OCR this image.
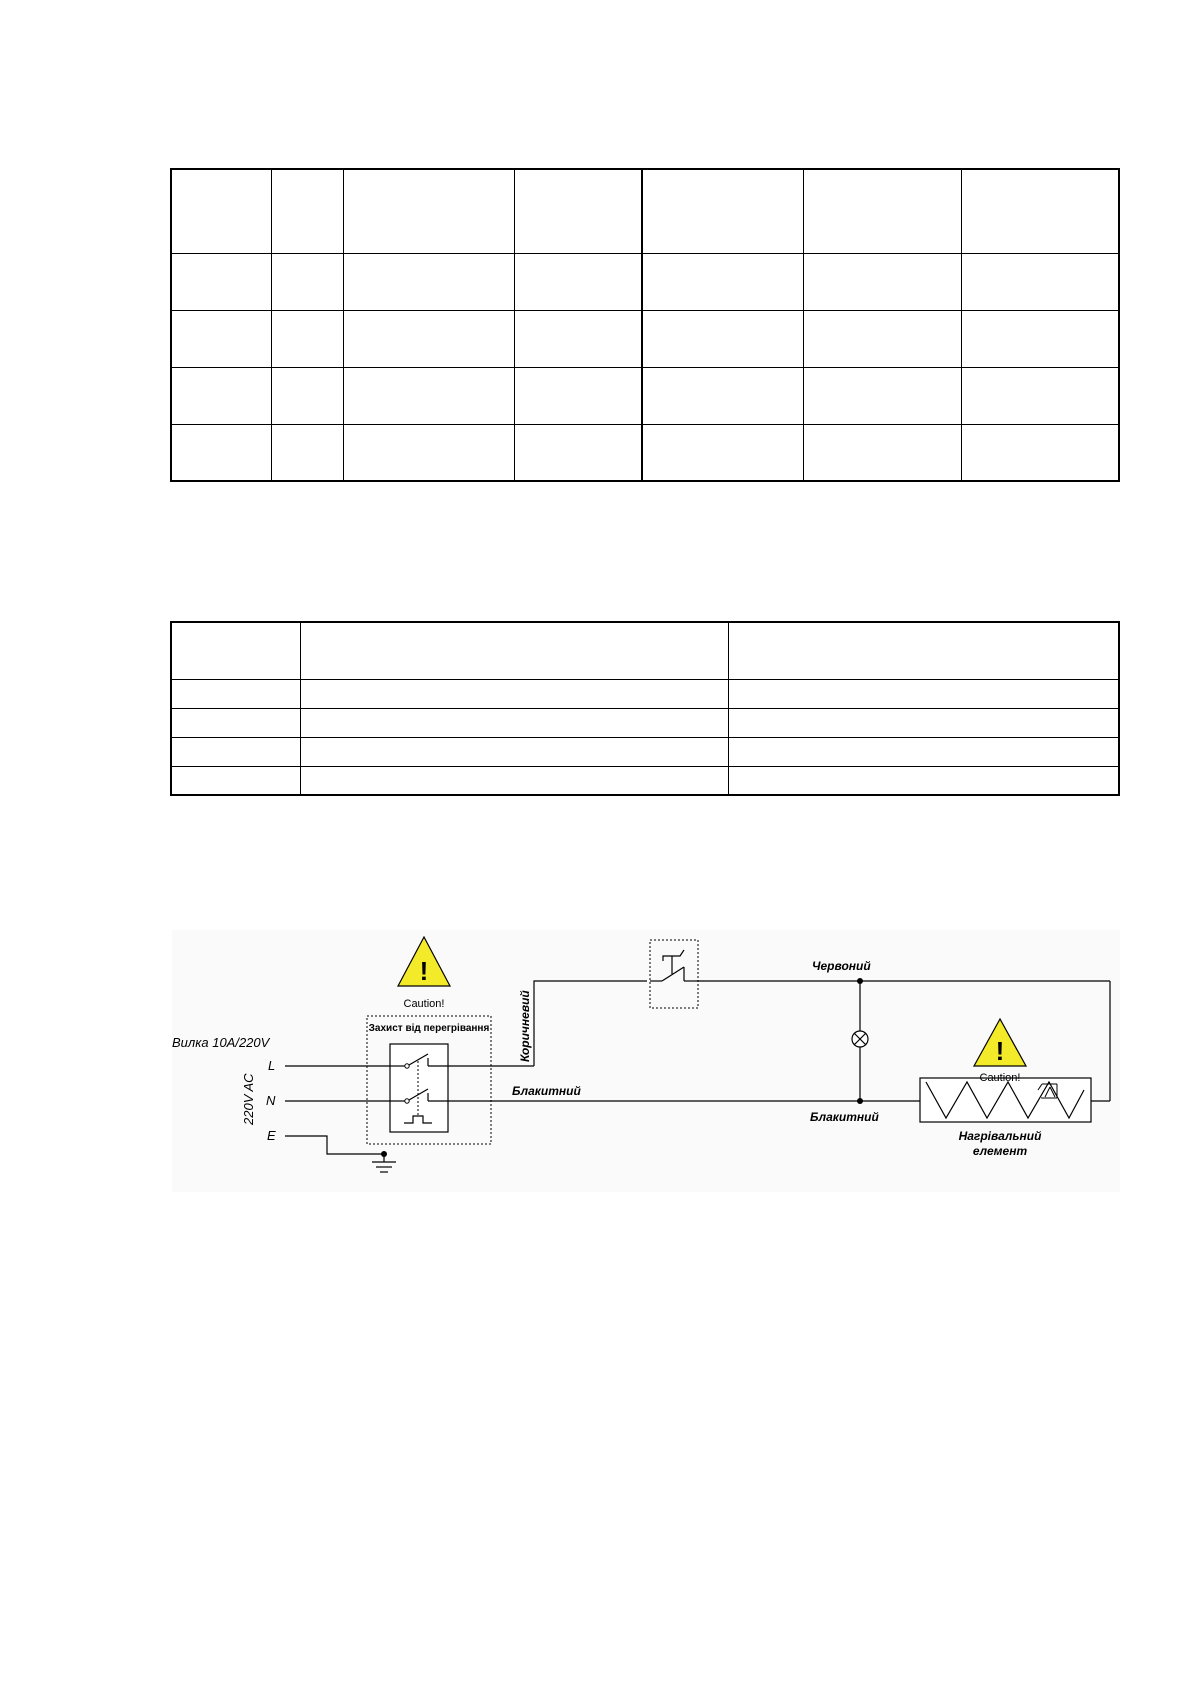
L
N
E
Вилка 10A/220V
220V AC
!
Caution!
Захист від перегрівання Коричневий
Червоний
Блакитний
Блакитний
Нагрівальний
елемент
!
Caution!
